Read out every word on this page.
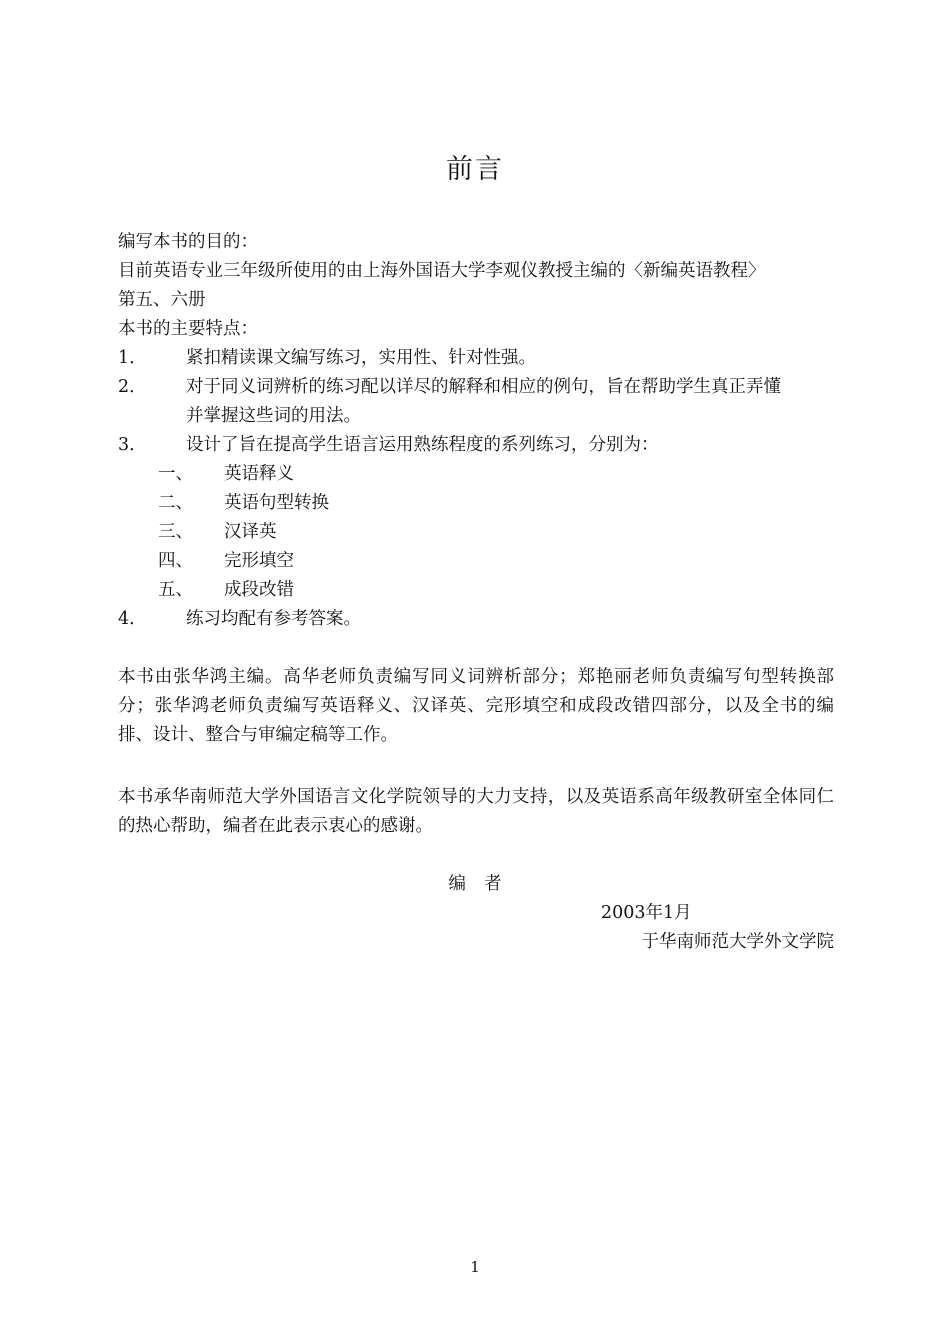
前言
编写本书的目的：
目前英语专业三年级所使用的由上海外国语大学李观仪教授主编的〈新编英语教程〉
第五、六册
本书的主要特点：
1． 紧扣精读课文编写练习，实用性、针对性强。
2． 对于同义词辨析的练习配以详尽的解释和相应的例句，旨在帮助学生真正弄懂
并掌握这些词的用法。
3． 设计了旨在提高学生语言运用熟练程度的系列练习，分别为：
一、 英语释义
二、 英语句型转换
三、 汉译英
四、 完形填空
五、 成段改错
4． 练习均配有参考答案。
本书由张华鸿主编。高华老师负责编写同义词辨析部分；郑艳丽老师负责编写句型转换部分；张华鸿老师负责编写英语释义、汉译英、完形填空和成段改错四部分，以及全书的编排、设计、整合与审编定稿等工作。
本书承华南师范大学外国语言文化学院领导的大力支持，以及英语系高年级教研室全体同仁的热心帮助，编者在此表示衷心的感谢。
编者
2003年1月
于华南师范大学外文学院
1
